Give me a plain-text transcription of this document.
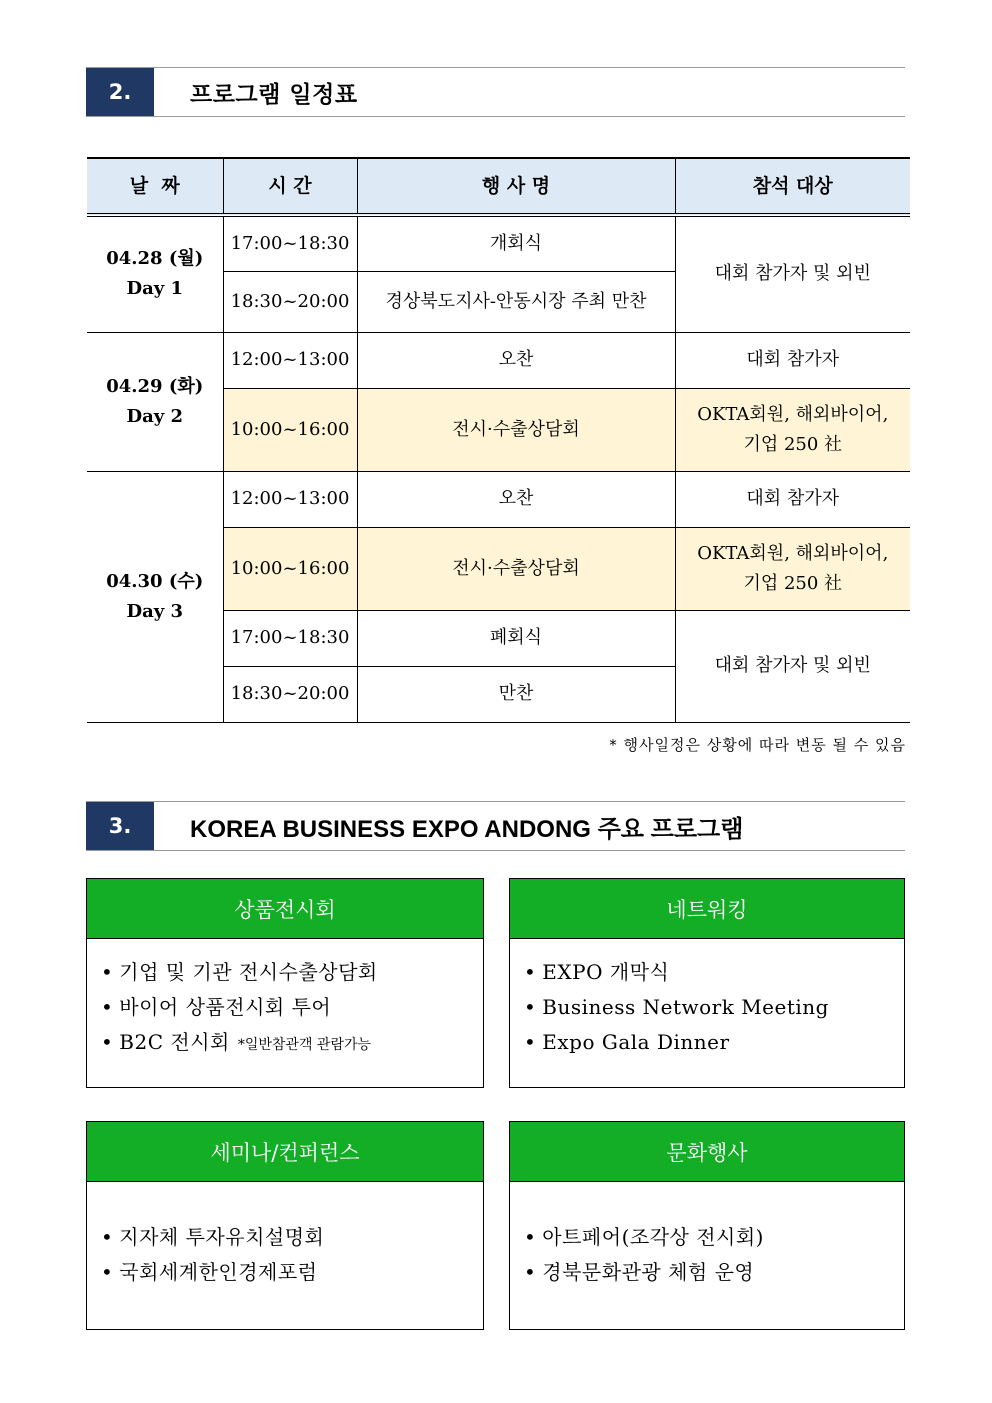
2.	프로그램 일정표
날  짜	시 간	행 사 명	참석 대상

04.28 (월)
Day 1	17:00~18:30	개회식	대회 참가자 및 외빈
	18:30~20:00	경상북도지사-안동시장 주최 만찬	

04.29 (화)
Day 2	12:00~13:00	오찬	대회 참가자
	10:00~16:00	전시·수출상담회	OKTA회원, 해외바이어,
기업 250 社

04.30 (수)
Day 3	12:00~13:00	오찬	대회 참가자
	10:00~16:00	전시·수출상담회	OKTA회원, 해외바이어,
기업 250 社

	17:00~18:30	폐회식	대회 참가자 및 외빈
	18:30~20:00	만찬	
* 행사일정은 상황에 따라 변동 될 수 있음
3.	KOREA BUSINESS EXPO ANDONG 주요 프로그램
상품전시회
• 기업 및 기관 전시수출상담회
• 바이어 상품전시회 투어
• B2C 전시회 *일반참관객 관람가능
네트워킹
• EXPO 개막식
• Business Network Meeting
• Expo Gala Dinner
세미나/컨퍼런스
• 지자체 투자유치설명회
• 국회세계한인경제포럼
문화행사
• 아트페어(조각상 전시회)
• 경북문화관광 체험 운영
